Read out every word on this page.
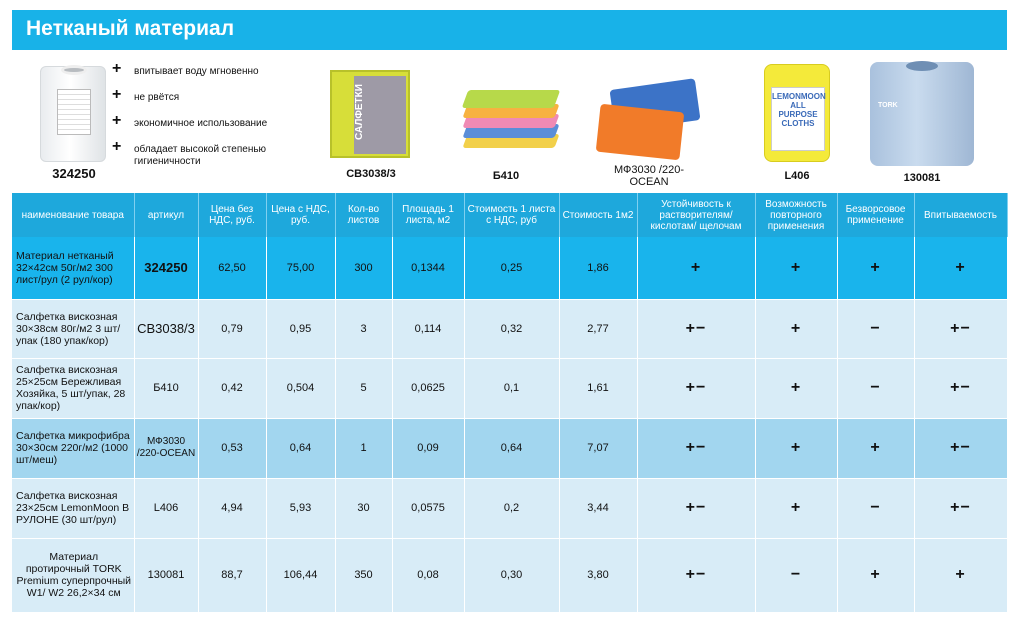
Нетканый материал
324250
+ впитывает воду мгновенно
+ не рвётся
+ экономичное использование
+ обладает высокой степенью гигиеничности
САЛФЕТКИ
СВ3038/3	Б410	МФ3030 /220-OCEAN
LEMONMOON ALL PURPOSE CLOTHS
L406
TORK
130081
наименование товара	артикул	Цена без НДС, руб.	Цена с НДС, руб.	Кол-во листов	Площадь 1 листа, м2	Стоимость 1 листа с НДС, руб	Стоимость 1м2	Устойчивость к растворителям/ кислотам/ щелочам	Возможность повторного применения	Безворсовое применение	Впитываемость
Материал нетканый 32×42см 50г/м2 300 лист/рул (2 рул/кор)	324250	62,50	75,00	300	0,1344	0,25	1,86	+	+	+	+
Салфетка вискозная 30×38см 80г/м2 3 шт/упак (180 упак/кор)	СВ3038/3	0,79	0,95	3	0,114	0,32	2,77	+−	+	−	+−
Салфетка вискозная 25×25см Бережливая Хозяйка, 5 шт/упак, 28 упак/кор)	Б410	0,42	0,504	5	0,0625	0,1	1,61	+−	+	−	+−
Салфетка микрофибра 30×30см 220г/м2 (1000 шт/меш)	МФ3030 /220-OCEAN	0,53	0,64	1	0,09	0,64	7,07	+−	+	+	+−
Салфетка вискозная 23×25см LemonMoon В РУЛОНЕ (30 шт/рул)	L406	4,94	5,93	30	0,0575	0,2	3,44	+−	+	−	+−
Материал протирочный TORK Premium суперпрочный W1/ W2 26,2×34 см	130081	88,7	106,44	350	0,08	0,30	3,80	+−	−	+	+
